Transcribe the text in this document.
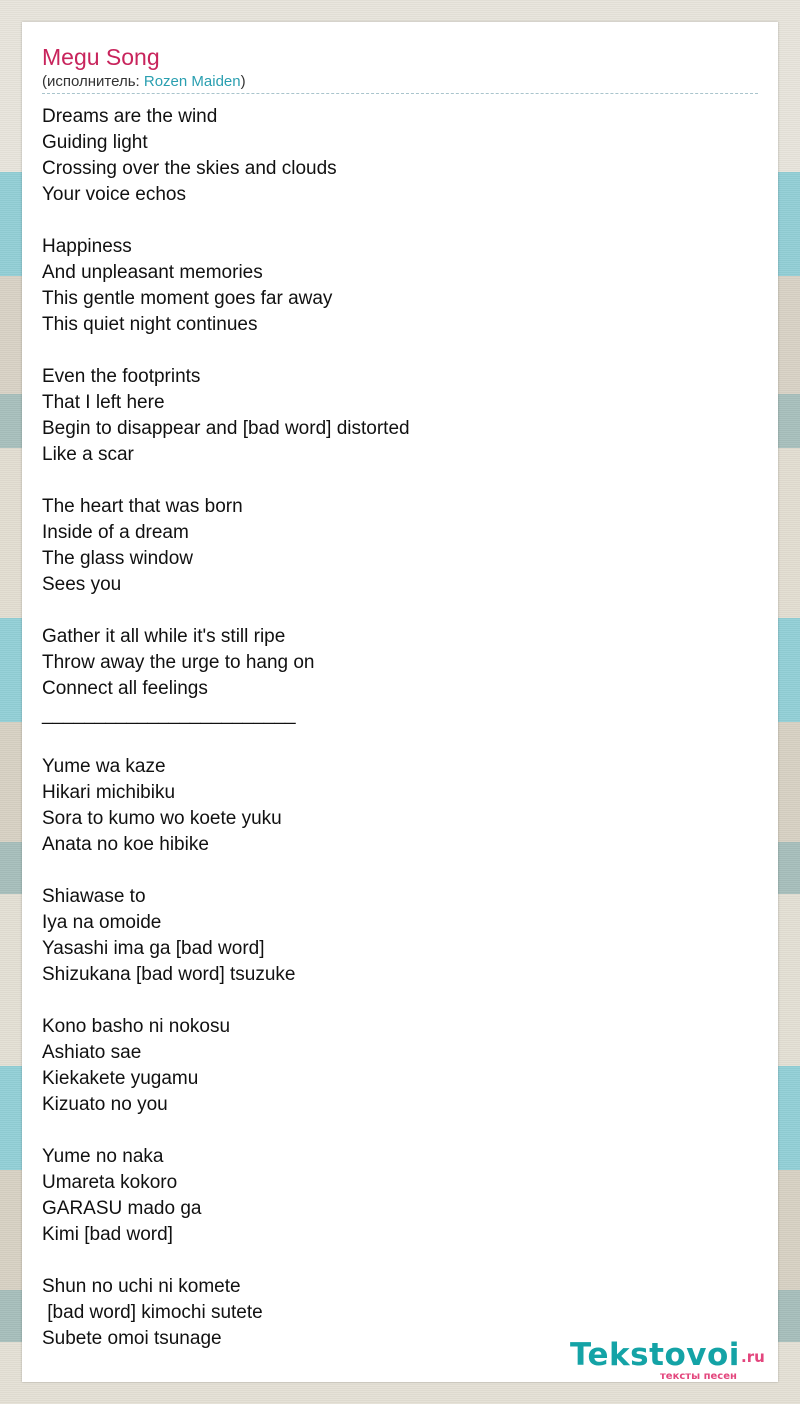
Megu Song
(исполнитель: Rozen Maiden)
Dreams are the wind
Guiding light
Crossing over the skies and clouds
Your voice echos

Happiness
And unpleasant memories
This gentle moment goes far away
This quiet night continues

Even the footprints
That I left here
Begin to disappear and [bad word] distorted
Like a scar

The heart that was born
Inside of a dream
The glass window
Sees you

Gather it all while it's still ripe
Throw away the urge to hang on
Connect all feelings
________________________

Yume wa kaze
Hikari michibiku
Sora to kumo wo koete yuku
Anata no koe hibike

Shiawase to
Iya na omoide
Yasashi ima ga [bad word]
Shizukana [bad word] tsuzuke

Kono basho ni nokosu
Ashiato sae
Kiekakete yugamu
Kizuato no you

Yume no naka
Umareta kokoro
GARASU mado ga
Kimi [bad word]

Shun no uchi ni komete
[bad word] kimochi sutete
Subete omoi tsunage	Tekstovoi .ru
тексты песен
